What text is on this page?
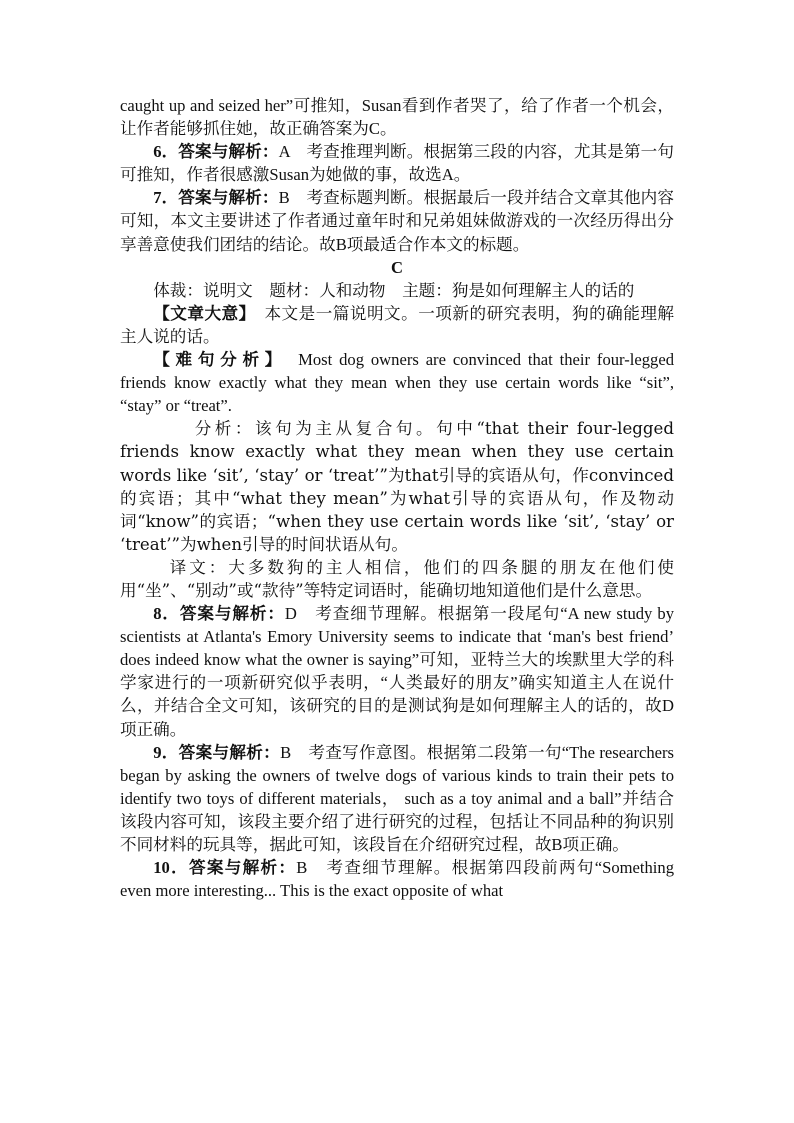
caught up and seized her”可推知，Susan看到作者哭了，给了作者一个机会，让作者能够抓住她，故正确答案为C。

6．答案与解析：A　考查推理判断。根据第三段的内容，尤其是第一句可推知，作者很感激Susan为她做的事，故选A。

7．答案与解析：B　考查标题判断。根据最后一段并结合文章其他内容可知，本文主要讲述了作者通过童年时和兄弟姐妹做游戏的一次经历得出分享善意使我们团结的结论。故B项最适合作本文的标题。

C

体裁：说明文　题材：人和动物　主题：狗是如何理解主人的话的

【文章大意】　本文是一篇说明文。一项新的研究表明，狗的确能理解主人说的话。

【难句分析】　Most dog owners are convinced that their four-legged friends know exactly what they mean when they use certain words like “sit”, “stay” or “treat”.

分析：该句为主从复合句。句中“that their four-legged friends know exactly what they mean when they use certain words like ‘sit’, ‘stay’ or ‘treat’”为that引导的宾语从句，作convinced的宾语；其中“what they mean”为what引导的宾语从句，作及物动词“know”的宾语；“when they use certain words like ‘sit’, ‘stay’ or ‘treat’”为when引导的时间状语从句。

译文：大多数狗的主人相信，他们的四条腿的朋友在他们使用“坐”、“别动”或“款待”等特定词语时，能确切地知道他们是什么意思。

8．答案与解析：D　考查细节理解。根据第一段尾句“A new study by scientists at Atlanta's Emory University seems to indicate that ‘man's best friend’ does indeed know what the owner is saying”可知，亚特兰大的埃默里大学的科学家进行的一项新研究似乎表明，“人类最好的朋友”确实知道主人在说什么，并结合全文可知，该研究的目的是测试狗是如何理解主人的话的，故D项正确。

9．答案与解析：B　考查写作意图。根据第二段第一句“The researchers began by asking the owners of twelve dogs of various kinds to train their pets to identify two toys of different materials， such as a toy animal and a ball”并结合该段内容可知，该段主要介绍了进行研究的过程，包括让不同品种的狗识别不同材料的玩具等，据此可知，该段旨在介绍研究过程，故B项正确。

10．答案与解析：B　考查细节理解。根据第四段前两句“Something even more interesting... This is the exact opposite of what
